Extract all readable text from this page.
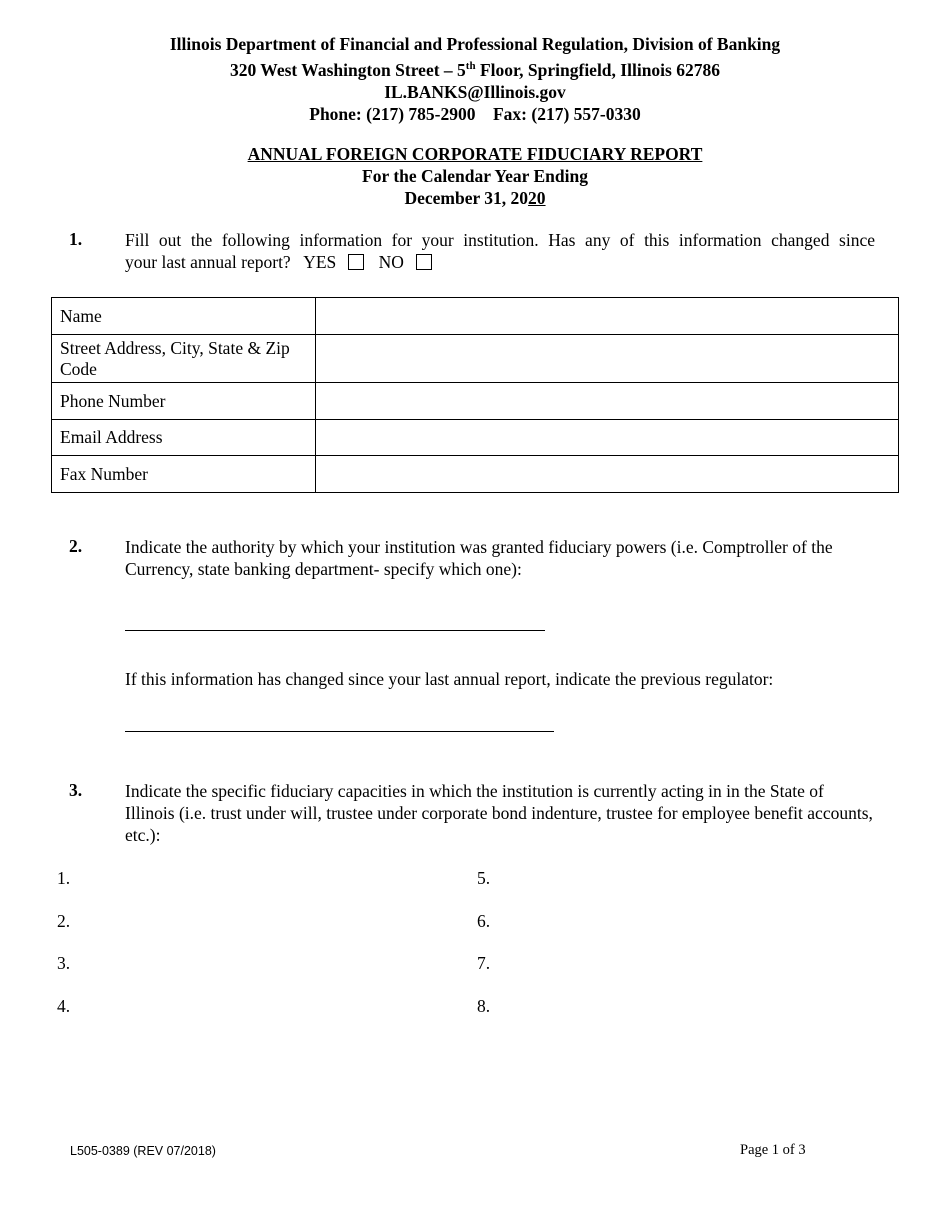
Illinois Department of Financial and Professional Regulation, Division of Banking
320 West Washington Street – 5th Floor, Springfield, Illinois 62786
IL.BANKS@Illinois.gov
Phone: (217) 785-2900 Fax: (217) 557-0330
ANNUAL FOREIGN CORPORATE FIDUCIARY REPORT
For the Calendar Year Ending
December 31, 2020
1. Fill out the following information for your institution. Has any of this information changed since
your last annual report? YES NO
Name	
Street Address, City, State & Zip Code	
Phone Number	
Email Address	
Fax Number	
2. Indicate the authority by which your institution was granted fiduciary powers (i.e. Comptroller of the Currency, state banking department- specify which one):
If this information has changed since your last annual report, indicate the previous regulator:
3. Indicate the specific fiduciary capacities in which the institution is currently acting in in the State of Illinois (i.e. trust under will, trustee under corporate bond indenture, trustee for employee benefit accounts, etc.):
1.
2.
3.
4.
5.
6.
7.
8.
L505-0389 (REV 07/2018)	Page 1 of 3
